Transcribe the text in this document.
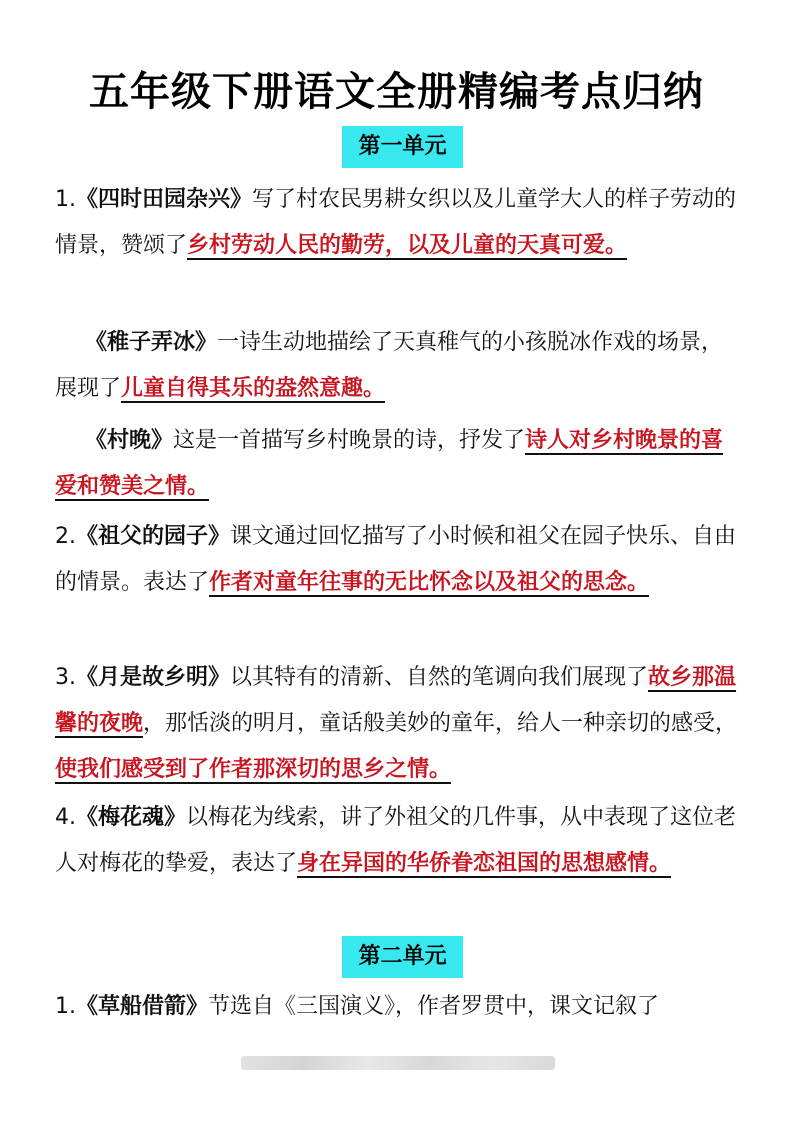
五年级下册语文全册精编考点归纳
第一单元
1.《四时田园杂兴》写了村农民男耕女织以及儿童学大人的样子劳动的情景，赞颂了乡村劳动人民的勤劳，以及儿童的天真可爱。
《稚子弄冰》一诗生动地描绘了天真稚气的小孩脱冰作戏的场景，展现了儿童自得其乐的盎然意趣。
《村晚》这是一首描写乡村晚景的诗，抒发了诗人对乡村晚景的喜爱和赞美之情。
2.《祖父的园子》课文通过回忆描写了小时候和祖父在园子快乐、自由的情景。表达了作者对童年往事的无比怀念以及祖父的思念。
3.《月是故乡明》以其特有的清新、自然的笔调向我们展现了故乡那温馨的夜晚，那恬淡的明月，童话般美妙的童年，给人一种亲切的感受，使我们感受到了作者那深切的思乡之情。
4.《梅花魂》以梅花为线索，讲了外祖父的几件事，从中表现了这位老人对梅花的挚爱，表达了身在异国的华侨眷恋祖国的思想感情。
第二单元
1.《草船借箭》节选自《三国演义》，作者罗贯中，课文记叙了
